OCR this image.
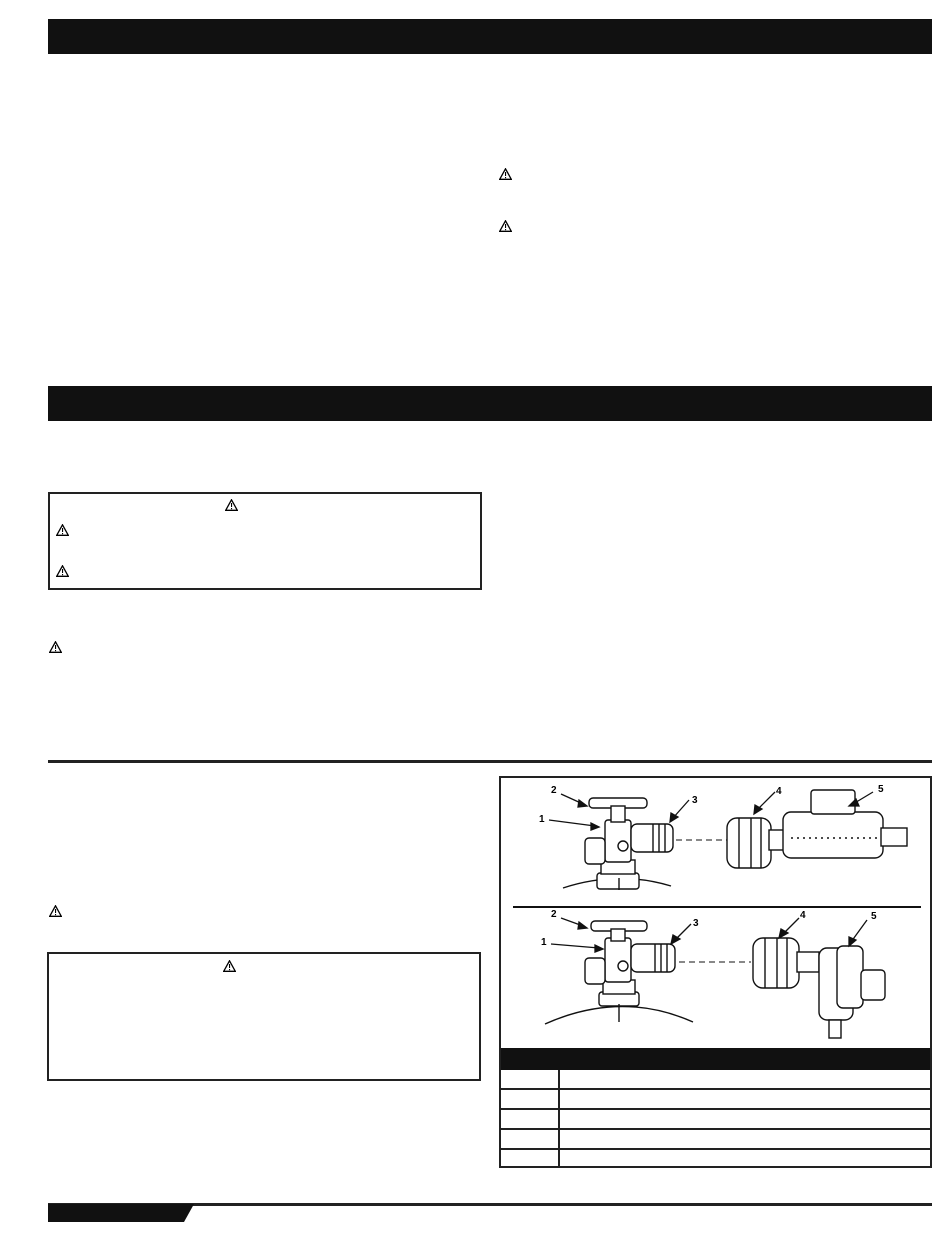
1
2
3
4	5
1
2
3
4	5
